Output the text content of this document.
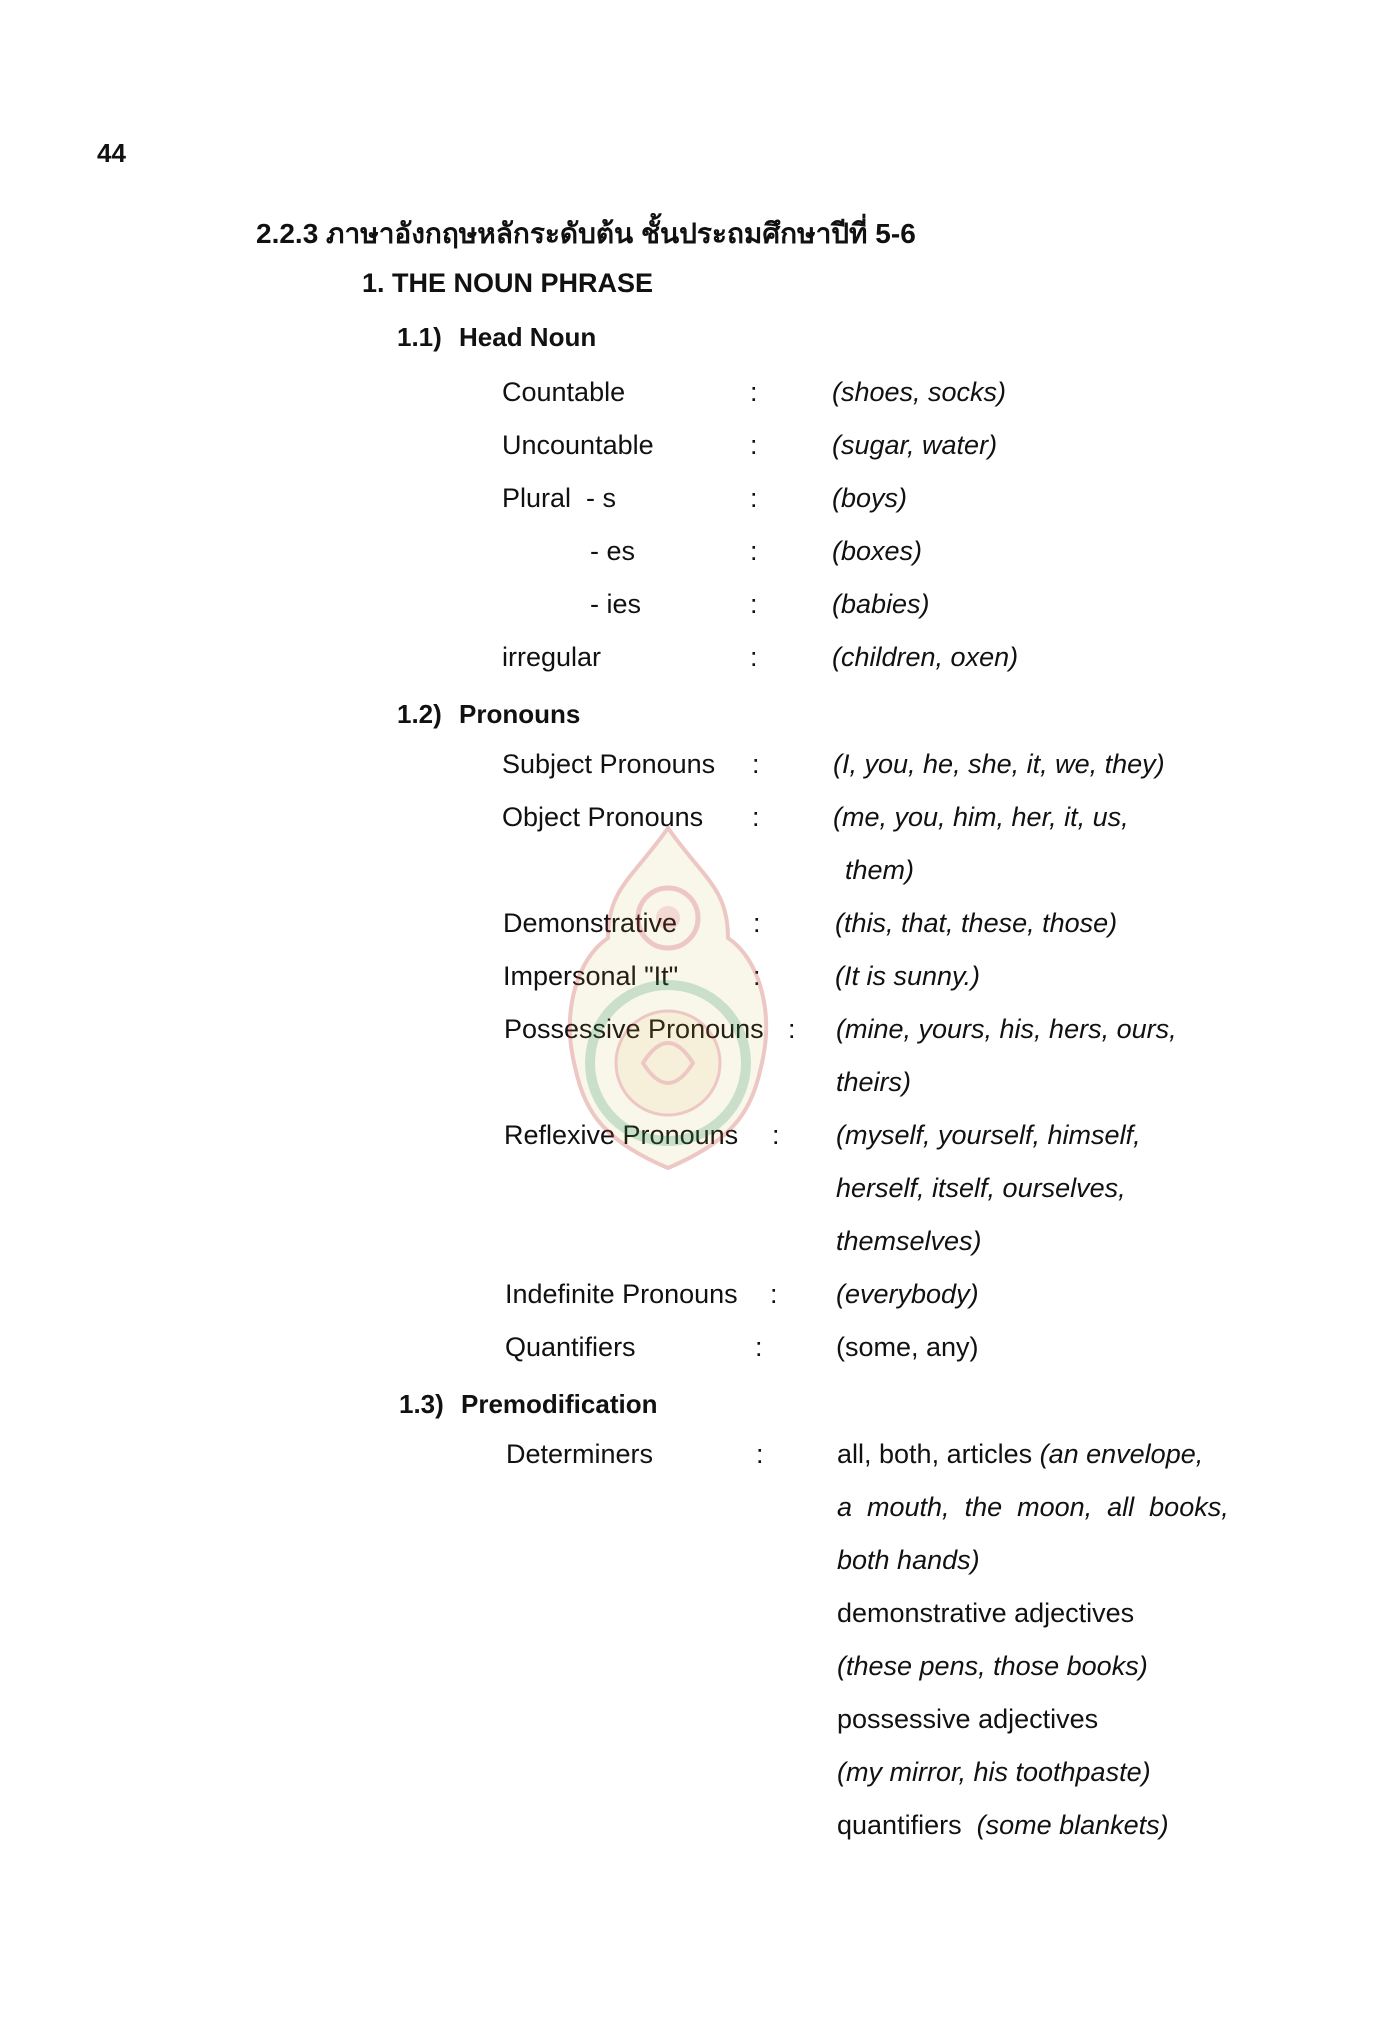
44
2.2.3 ภาษาอังกฤษหลักระดับต้น ชั้นประถมศึกษาปีที่ 5-6
1. THE NOUN PHRASE
1.1) Head Noun
Countable	:	(shoes, socks)
Uncountable	:	(sugar, water)
Plural  - s	:	(boys)
- es	:	(boxes)
- ies	:	(babies)
irregular	:	(children, oxen)
1.2) Pronouns
Subject Pronouns :	(I, you, he, she, it, we, they)
Object Pronouns :	(me, you, him, her, it, us,
them)
Demonstrative	:	(this, that, these, those)
Impersonal "It"	:	(It is sunny.)
Possessive Pronouns : (mine, yours, his, hers, ours,
theirs)
Reflexive Pronouns : (myself, yourself, himself,
herself, itself, ourselves,
themselves)
Indefinite Pronouns : (everybody)
Quantifiers	:	(some, any)
1.3) Premodification
Determiners	:	all, both, articles (an envelope,
a  mouth,  the  moon,  all  books,
both hands)
demonstrative adjectives
(these pens, those books)
possessive adjectives
(my mirror, his toothpaste)
quantifiers (some blankets)
